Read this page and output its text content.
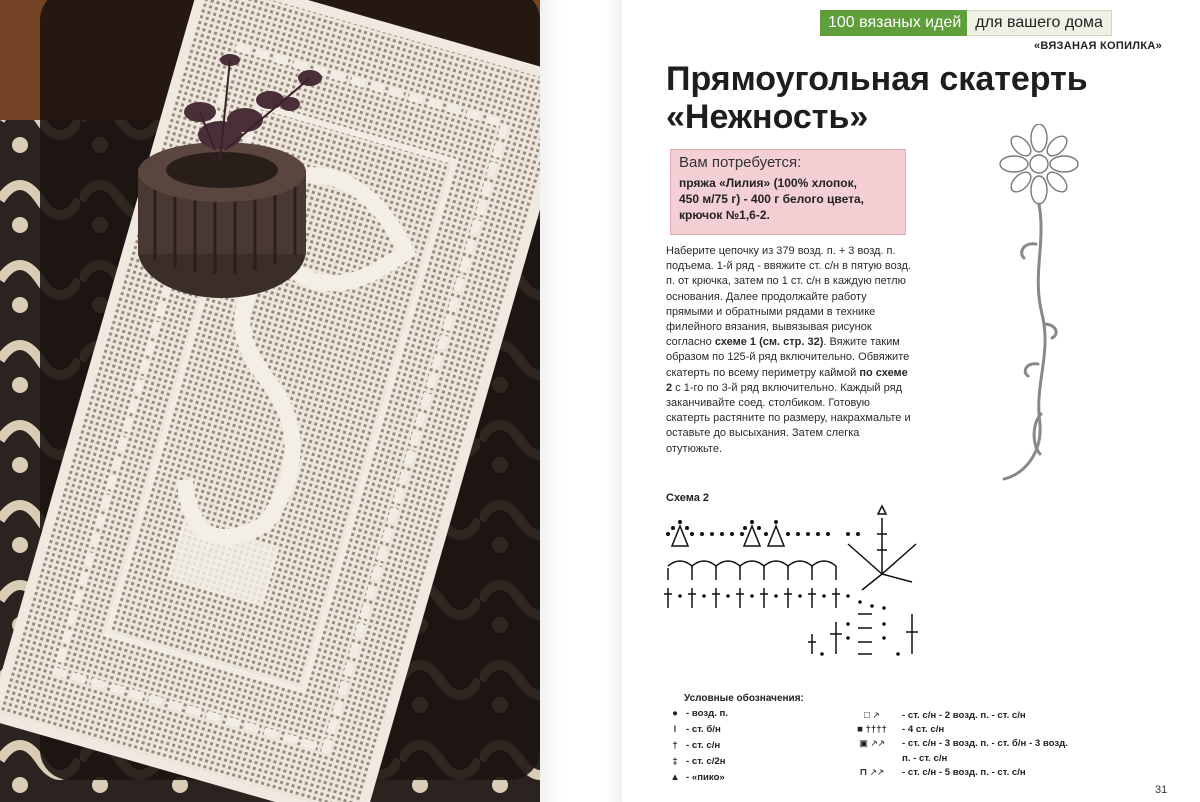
100 вязаных идей для вашего дома
«ВЯЗАНАЯ КОПИЛКА»
Прямоугольная скатерть
«Нежность»
Вам потребуется:
пряжа «Лилия» (100% хлопок,
450 м/75 г) - 400 г белого цвета,
крючок №1,6-2.
Наберите цепочку из 379 возд. п. + 3 возд. п. подъема. 1-й ряд - ввяжите ст. с/н в пятую возд. п. от крючка, затем по 1 ст. с/н в каждую петлю основания. Далее продолжайте работу прямыми и обратными рядами в технике филейного вязания, вывязывая рисунок согласно схеме 1 (см. стр. 32). Вяжите таким образом по 125-й ряд включительно. Обвяжите скатерть по всему периметру каймой по схеме 2 с 1-го по 3-й ряд включительно. Каждый ряд заканчивайте соед. столбиком. Готовую скатерть растяните по размеру, накрахмальте и оставьте до высыхания. Затем слегка отутюжьте.
Схема 2
Условные обозначения:
● - возд. п.
ǀ	- ст. б/н
† - ст. с/н
‡ - ст. с/2н
▲ - «пико»
□ ⸕	- ст. с/н - 2 возд. п. - ст. с/н
■ ††††	- 4 ст. с/н
▣ ⸕⸕	- ст. с/н - 3 возд. п. - ст. б/н - 3 возд.
п. - ст. с/н
⊓ ⸕⸕	- ст. с/н - 5 возд. п. - ст. с/н
31
